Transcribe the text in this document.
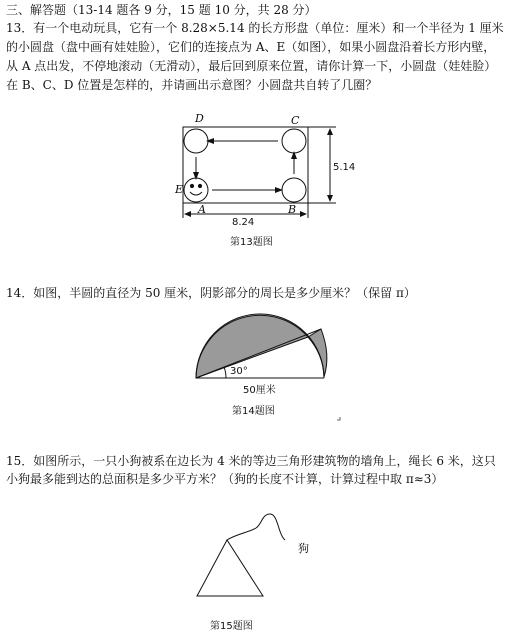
三、解答题（13-14 题各 9 分，15 题 10 分，共 28 分）
13．有一个电动玩具，它有一个 8.28×5.14 的长方形盘（单位：厘米）和一个半径为 1 厘米
的小圆盘（盘中画有娃娃脸），它们的连接点为 A、E（如图），如果小圆盘沿着长方形内壁，
从 A 点出发，不停地滚动（无滑动），最后回到原来位置，请你计算一下，小圆盘（娃娃脸）
在 B、C、D 位置是怎样的，并请画出示意图？小圆盘共自转了几圈？
D	C
E
A	B
5.14
8.24
第13题图
14．如图，半圆的直径为 50 厘米，阴影部分的周长是多少厘米？（保留 π）
30°
50厘米
第14题图
15．如图所示，一只小狗被系在边长为 4 米的等边三角形建筑物的墙角上，绳长 6 米，这只
小狗最多能到达的总面积是多少平方米？（狗的长度不计算，计算过程中取 π≈3）
狗
第15题图
